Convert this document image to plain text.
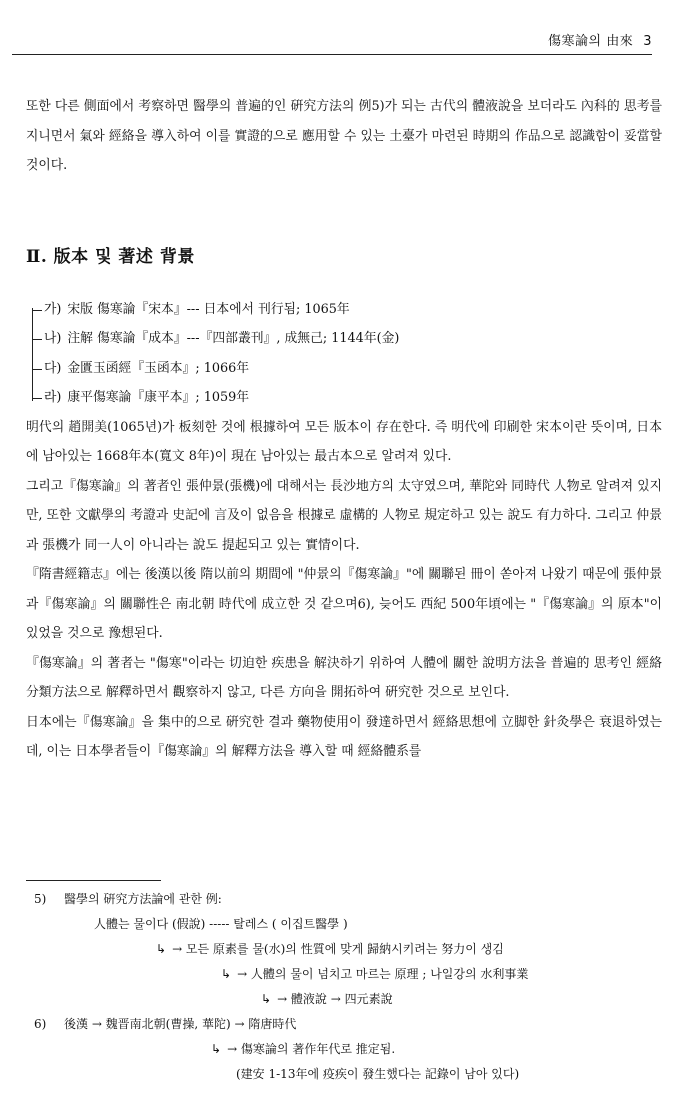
傷寒論의 由來 3

또한 다른 側面에서 考察하면 醫學의 普遍的인 硏究方法의 例5)가 되는 古代의 體液說을 보더라도 內科的 思考를 지니면서 氣와 經絡을 導入하여 이를 實證的으로 應用할 수 있는 土臺가 마련된 時期의 作品으로 認識함이 妥當할 것이다.

Ⅱ. 版本 및 著述 背景
가) 宋版 傷寒論『宋本』--- 日本에서 刊行됨; 1065年
나) 注解 傷寒論『成本』---『四部叢刊』, 成無己; 1144年(金)
다) 金匱玉函經『玉函本』; 1066年
라) 康平傷寒論『康平本』; 1059年

明代의 趙開美(1065년)가 板刻한 것에 根據하여 모든 版本이 存在한다. 즉 明代에 印刷한 宋本이란 뜻이며, 日本에 남아있는 1668年本(寬文 8年)이 現在 남아있는 最古本으로 알려져 있다.

그리고『傷寒論』의 著者인 張仲景(張機)에 대해서는 長沙地方의 太守였으며, 華陀와 同時代 人物로 알려져 있지만, 또한 文獻學의 考證과 史記에 言及이 없음을 根據로 虛構的 人物로 規定하고 있는 說도 有力하다. 그리고 仲景과 張機가 同一人이 아니라는 說도 提起되고 있는 實情이다.

『隋書經籍志』에는 後漢以後 隋以前의 期間에 "仲景의『傷寒論』"에 關聯된 冊이 쏟아져 나왔기 때문에 張仲景과『傷寒論』의 關聯性은 南北朝 時代에 成立한 것 같으며6), 늦어도 西紀 500年頃에는 "『傷寒論』의 原本"이 있었을 것으로 豫想된다.

『傷寒論』의 著者는 "傷寒"이라는 切迫한 疾患을 解決하기 위하여 人體에 關한 說明方法을 普遍的 思考인 經絡分類方法으로 解釋하면서 觀察하지 않고, 다른 方向을 開拓하여 硏究한 것으로 보인다.

日本에는『傷寒論』을 集中的으로 硏究한 결과 藥物使用이 發達하면서 經絡思想에 立脚한 針灸學은 衰退하였는데, 이는 日本學者들이『傷寒論』의 解釋方法을 導入할 때 經絡體系를

5) 醫學의 硏究方法論에 관한 例:
人體는 물이다 (假說) ----- 탈레스 ( 이집트醫學 )
↳ → 모든 原素를 물(水)의 性質에 맞게 歸納시키려는 努力이 생김
↳ → 人體의 물이 넘치고 마르는 原理 ; 나일강의 水利事業
↳ → 體液說 → 四元素說
6) 後漢 → 魏晋南北朝(曹操, 華陀) → 隋唐時代
↳ → 傷寒論의 著作年代로 推定됨.
(建安 1-13年에 疫疾이 發生했다는 記錄이 남아 있다)
